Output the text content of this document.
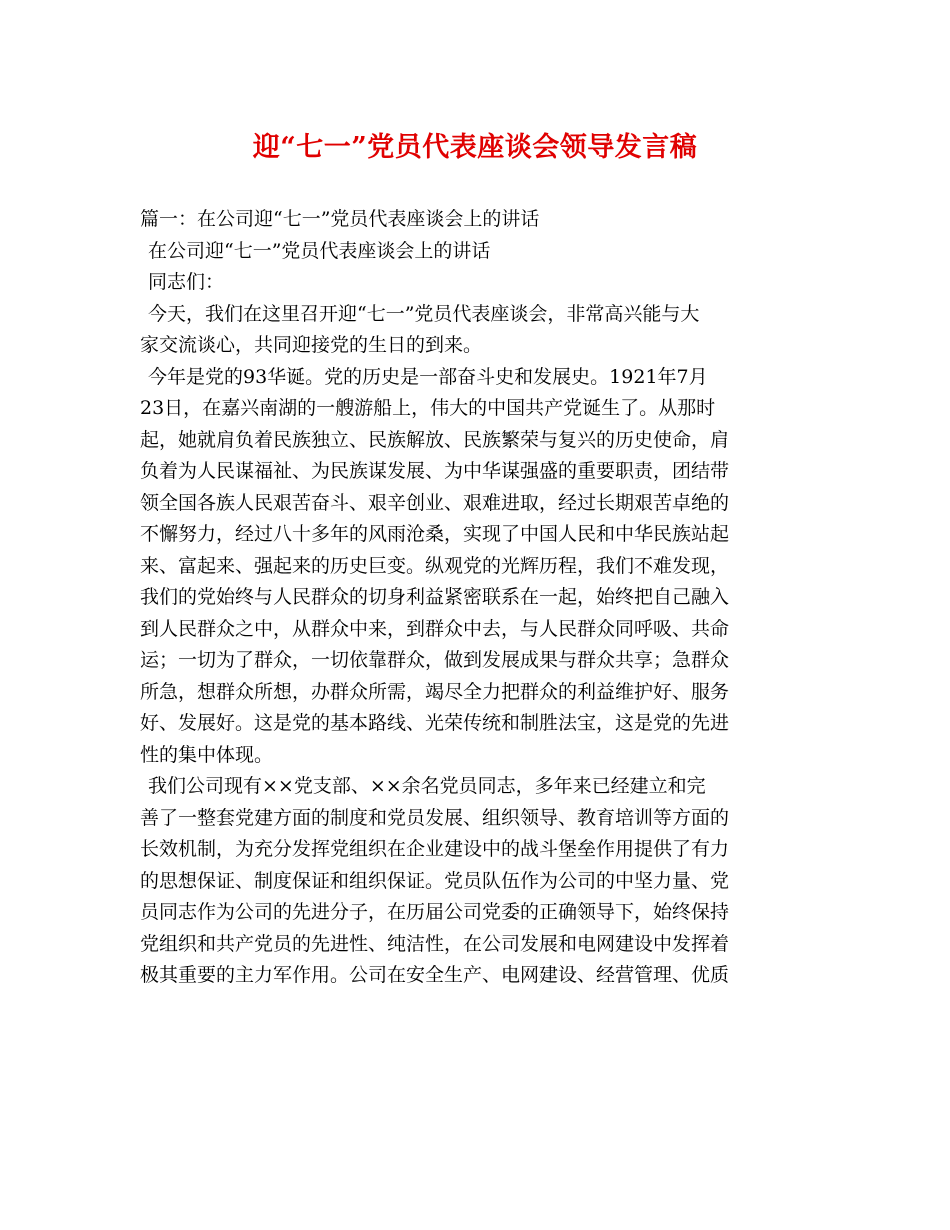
迎“七一”党员代表座谈会领导发言稿
篇一：在公司迎“七一”党员代表座谈会上的讲话
在公司迎“七一”党员代表座谈会上的讲话
同志们：
今天，我们在这里召开迎“七一”党员代表座谈会，非常高兴能与大
家交流谈心，共同迎接党的生日的到来。
今年是党的93华诞。党的历史是一部奋斗史和发展史。1921年7月
23日，在嘉兴南湖的一艘游船上，伟大的中国共产党诞生了。从那时
起，她就肩负着民族独立、民族解放、民族繁荣与复兴的历史使命，肩
负着为人民谋福祉、为民族谋发展、为中华谋强盛的重要职责，团结带
领全国各族人民艰苦奋斗、艰辛创业、艰难进取，经过长期艰苦卓绝的
不懈努力，经过八十多年的风雨沧桑，实现了中国人民和中华民族站起
来、富起来、强起来的历史巨变。纵观党的光辉历程，我们不难发现，
我们的党始终与人民群众的切身利益紧密联系在一起，始终把自己融入
到人民群众之中，从群众中来，到群众中去，与人民群众同呼吸、共命
运；一切为了群众，一切依靠群众，做到发展成果与群众共享；急群众
所急，想群众所想，办群众所需，竭尽全力把群众的利益维护好、服务
好、发展好。这是党的基本路线、光荣传统和制胜法宝，这是党的先进
性的集中体现。
我们公司现有××党支部、××余名党员同志，多年来已经建立和完
善了一整套党建方面的制度和党员发展、组织领导、教育培训等方面的
长效机制，为充分发挥党组织在企业建设中的战斗堡垒作用提供了有力
的思想保证、制度保证和组织保证。党员队伍作为公司的中坚力量、党
员同志作为公司的先进分子，在历届公司党委的正确领导下，始终保持
党组织和共产党员的先进性、纯洁性，在公司发展和电网建设中发挥着
极其重要的主力军作用。公司在安全生产、电网建设、经营管理、优质
